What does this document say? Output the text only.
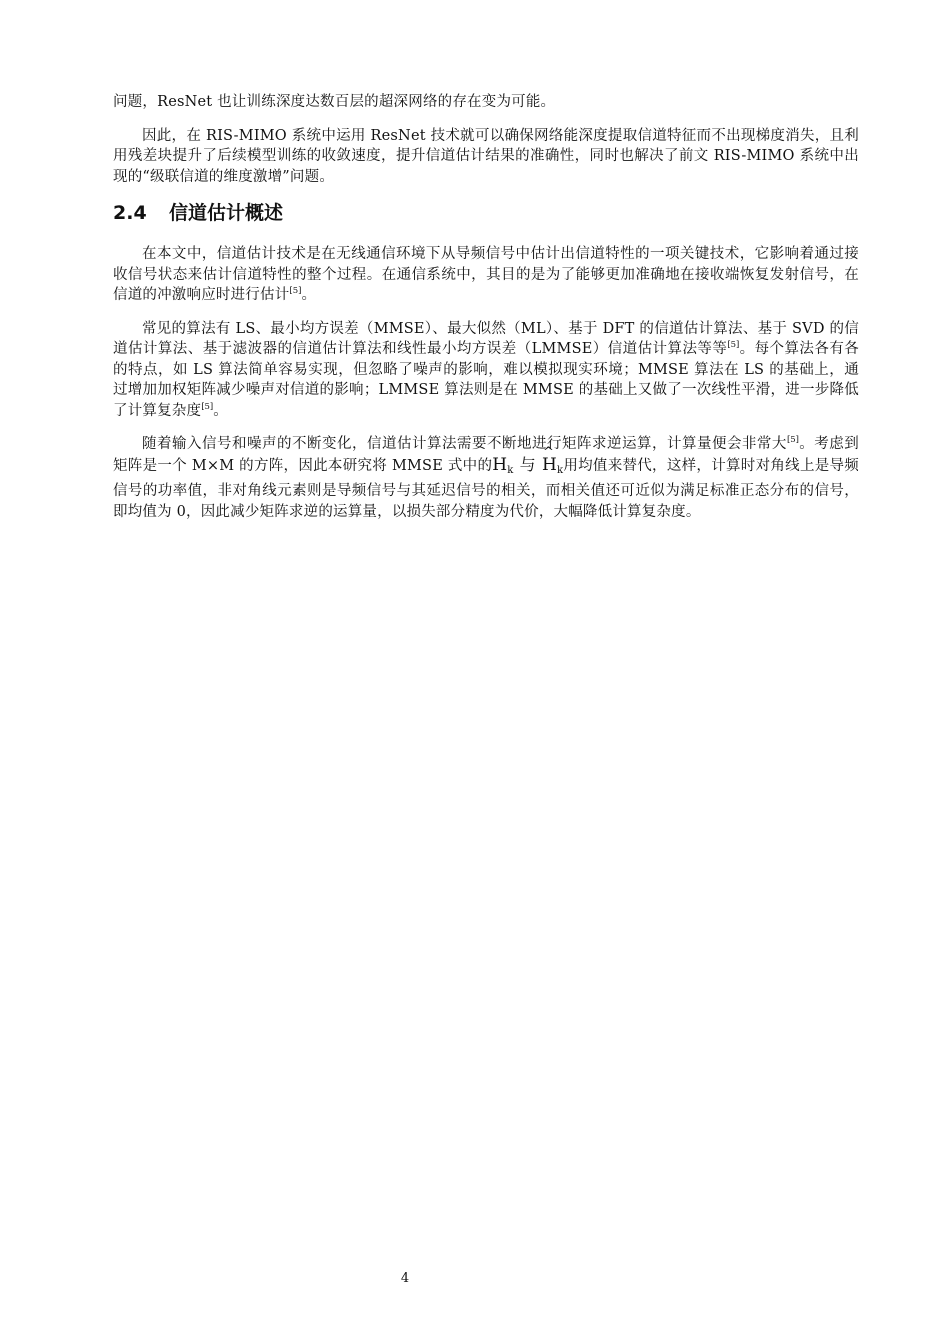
问题，ResNet 也让训练深度达数百层的超深网络的存在变为可能。

因此，在 RIS-MIMO 系统中运用 ResNet 技术就可以确保网络能深度提取信道特征而不出现梯度消失，且利用残差块提升了后续模型训练的收敛速度，提升信道估计结果的准确性，同时也解决了前文 RIS-MIMO 系统中出现的“级联信道的维度激增”问题。

2.4	信道估计概述

在本文中，信道估计技术是在无线通信环境下从导频信号中估计出信道特性的一项关键技术，它影响着通过接收信号状态来估计信道特性的整个过程。在通信系统中，其目的是为了能够更加准确地在接收端恢复发射信号，在信道的冲激响应时进行估计[5]。

常见的算法有 LS、最小均方误差（MMSE）、最大似然（ML）、基于 DFT 的信道估计算法、基于 SVD 的信道估计算法、基于滤波器的信道估计算法和线性最小均方误差（LMMSE）信道估计算法等等[5]。每个算法各有各的特点，如 LS 算法简单容易实现，但忽略了噪声的影响，难以模拟现实环境；MMSE 算法在 LS 的基础上，通过增加加权矩阵减少噪声对信道的影响；LMMSE 算法则是在 MMSE 的基础上又做了一次线性平滑，进一步降低了计算复杂度[5]。

随着输入信号和噪声的不断变化，信道估计算法需要不断地进行矩阵求逆运算，计算量便会非常大[5]。考虑到矩阵是一个 M×M 的方阵，因此本研究将 MMSE 式中的$H_k$ 与^ $H_k$用均值来替代，这样，计算时对角线上是导频信号的功率值，非对角线元素则是导频信号与其延迟信号的相关，而相关值还可近似为满足标准正态分布的信号，即均值为 0，因此减少矩阵求逆的运算量，以损失部分精度为代价，大幅降低计算复杂度。

4
